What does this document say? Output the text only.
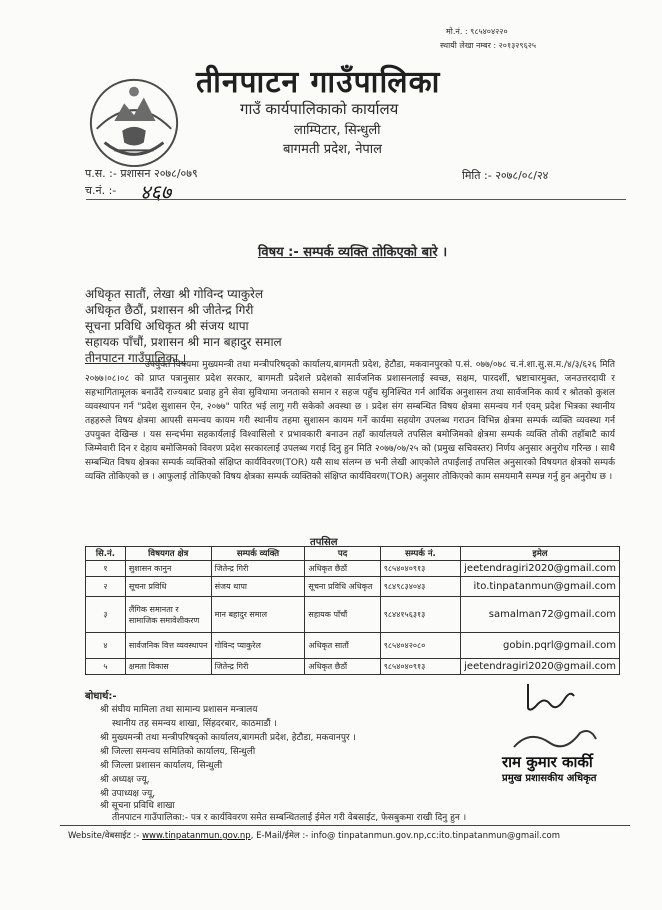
मो.नं. : ९८५४०४२२०
स्थायी लेखा नम्बर : २०१३२९६२५
तीनपाटन गाउँपालिका
गाउँ कार्यपालिकाको कार्यालय
लाम्पिटार, सिन्धुली
बागमती प्रदेश, नेपाल
प.स. :- प्रशासन २०७८/०७९
च.नं. :- ४६७
मिति :- २०७८/०८/२४
विषय :- सम्पर्क व्यक्ति तोकिएको बारे ।
अधिकृत सातौं, लेखा श्री गोविन्द प्याकुरेल
अधिकृत छैठौं, प्रशासन श्री जीतेन्द्र गिरी
सूचना प्रविधि अधिकृत श्री संजय थापा
सहायक पाँचौं, प्रशासन श्री मान बहादुर समाल
तीनपाटन गाउँपालिका ।
उपर्युक्त विषयमा मुख्यमन्त्री तथा मन्त्रीपरिषद्को कार्यालय,बागमती प्रदेश, हेटौडा, मकवानपुरको प.सं. ०७७/०७८ च.नं.शा.सु.स.म./४/३/६२६ मिति २०७७।०८।०८ को प्राप्त पत्रानुसार प्रदेश सरकार, बागमती प्रदेशले प्रदेशको सार्वजनिक प्रशासनलाई स्वच्छ, सक्षम, पारदर्शी, भ्रष्टाचारमुक्त, जनउत्तरदायी र सहभागितामूलक बनाउँदै राज्यबाट प्रवाह हुने सेवा सुविधामा जनताको समान र सहज पहुँच सुनिश्चित गर्न आर्थिक अनुशासन तथा सार्वजनिक कार्य र श्रोतको कुशल व्यवस्थापन गर्न "प्रदेश सुशासन ऐन, २०७७" पारित भई लागु गरी सकेको अवस्था छ । प्रदेश संग सम्बन्धित विषय क्षेत्रमा समन्वय गर्न एवम् प्रदेश भित्रका स्थानीय तहहरुले विषय क्षेत्रमा आपसी समन्वय कायम गरी स्थानीय तहमा सुशासन कायम गर्ने कार्यमा सहयोग उपलब्ध गराउन विभिन्न क्षेत्रमा सम्पर्क व्यक्ति व्यवस्था गर्न उपयुक्त देखिन्छ । यस सन्दर्भमा सहकार्यलाई विश्वासिलो र प्रभावकारी बनाउन तहाँ कार्यालयले तपसिल बमोजिमको क्षेत्रमा सम्पर्क व्यक्ति तोकी तहाँबाटै कार्य जिम्मेवारी दिन र देहाय बमोजिमको विवरण प्रदेश सरकारलाई उपलब्ध गराई दिनु हुन मिति २०७७/०७/२५ को (प्रमुख सचिवस्तर) निर्णय अनुसार अनुरोध गरिन्छ । साथै सम्बन्धित विषय क्षेत्रका सम्पर्क व्यक्तिको संक्षिप्त कार्यविवरण(TOR) यसै साथ संलग्न छ भनी लेखी आएकोले तपाईंलाई तपसिल अनुसारको विषयगत क्षेत्रको सम्पर्क व्यक्ति तोकिएको छ । आफुलाई तोकिएको विषय क्षेत्रका सम्पर्क व्यक्तिको संक्षिप्त कार्यविवरण(TOR) अनुसार तोकिएको काम समयमानै सम्पन्न गर्नु हुन अनुरोध छ ।
तपसिल
सि.नं.	विषयगत क्षेत्र	सम्पर्क व्यक्ति	पद	सम्पर्क नं.	इमेल
१	सुशासन कानुन	जितेन्द्र गिरी	अधिकृत छैठौं	९८५४०४०९१३	jeetendragiri2020@gmail.com
२	सूचना प्रविधि	संजय थापा	सूचना प्रविधि अधिकृत	९८४९८३४०४३	ito.tinpatanmun@gmail.com
३	लैंगिक समानता र सामाजिक समावेशीकरण	मान बहादुर समाल	सहायक पाँचौं	९८४४१५६३१३	samalman72@gmail.com
४	सार्वजनिक वित्त व्यवस्थापन	गोविन्द प्याकुरेल	अधिकृत सातौं	९८५४०४२०८०	gobin.pqrl@gmail.com
५	क्षमता विकास	जितेन्द्र गिरी	अधिकृत छैठौं	९८५४०४०९१३	jeetendragiri2020@gmail.com
बोधार्थ:-
श्री संघीय मामिला तथा सामान्य प्रशासन मन्त्रालय
स्थानीय तह समन्वय शाखा, सिंहदरबार, काठमाडौं ।
श्री मुख्यमन्त्री तथा मन्त्रीपरिषद्को कार्यालय,बागमती प्रदेश, हेटौडा, मकवानपुर ।
श्री जिल्ला समन्वय समितिको कार्यालय, सिन्धुली
श्री जिल्ला प्रशासन कार्यालय, सिन्धुली
श्री अध्यक्ष ज्यू,
श्री उपाध्यक्ष ज्यू,
श्री सूचना प्रविधि शाखा
तीनपाटन गाउँपालिका:- पत्र र कार्यविवरण समेत सम्बन्धितलाई ईमेल गरी वेबसाईट, फेसबुकमा राखी दिनु हुन ।
राम कुमार कार्की
प्रमुख प्रशासकीय अधिकृत
Website/वेबसाईट :- www.tinpatanmun.gov.np, E-Mail/ईमेल :- info@ tinpatanmun.gov.np,cc:ito.tinpatanmun@gmail.com
